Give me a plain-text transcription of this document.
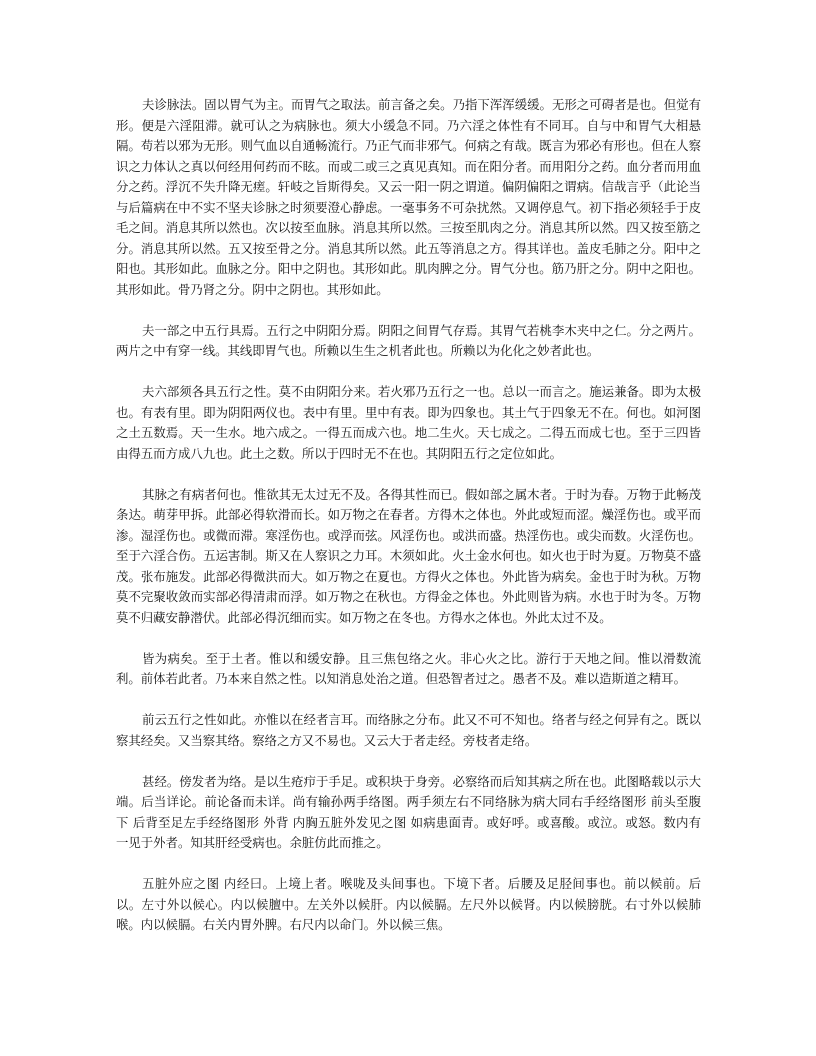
夫诊脉法。固以胃气为主。而胃气之取法。前言备之矣。乃指下浑浑缓缓。无形之可碍者是也。但觉有形。便是六淫阻滞。就可认之为病脉也。须大小缓急不同。乃六淫之体性有不同耳。自与中和胃气大相悬隔。苟若以邪为无形。则气血以自通畅流行。乃正气而非邪气。何病之有哉。既言为邪必有形也。但在人察识之力体认之真以何经用何药而不眩。而或二或三之真见真知。而在阳分者。而用阳分之药。血分者而用血分之药。浮沉不失升降无瘥。轩岐之旨斯得矣。又云一阳一阴之谓道。偏阴偏阳之谓病。信哉言乎（此论当与后篇病在中不实不坚夫诊脉之时须要澄心静虑。一毫事务不可杂扰然。又调停息气。初下指必须轻手于皮毛之间。消息其所以然也。次以按至血脉。消息其所以然。三按至肌肉之分。消息其所以然。四又按至筋之分。消息其所以然。五又按至骨之分。消息其所以然。此五等消息之方。得其详也。盖皮毛肺之分。阳中之阳也。其形如此。血脉之分。阳中之阴也。其形如此。肌肉脾之分。胃气分也。筋乃肝之分。阴中之阳也。其形如此。骨乃肾之分。阴中之阴也。其形如此。

夫一部之中五行具焉。五行之中阴阳分焉。阴阳之间胃气存焉。其胃气若桃李木夹中之仁。分之两片。两片之中有穿一线。其线即胃气也。所赖以生生之机者此也。所赖以为化化之妙者此也。

夫六部须各具五行之性。莫不由阴阳分来。若火邪乃五行之一也。总以一而言之。施运兼备。即为太极也。有表有里。即为阴阳两仪也。表中有里。里中有表。即为四象也。其土气于四象无不在。何也。如河图之土五数焉。天一生水。地六成之。一得五而成六也。地二生火。天七成之。二得五而成七也。至于三四皆由得五而方成八九也。此土之数。所以于四时无不在也。其阴阳五行之定位如此。

其脉之有病者何也。惟欲其无太过无不及。各得其性而已。假如部之属木者。于时为春。万物于此畅茂条达。萌芽甲拆。此部必得软滑而长。如万物之在春者。方得木之体也。外此或短而涩。燥淫伤也。或平而渗。湿淫伤也。或微而滞。寒淫伤也。或浮而弦。风淫伤也。或洪而盛。热淫伤也。或尖而数。火淫伤也。至于六淫合伤。五运害制。斯又在人察识之力耳。木须如此。火土金水何也。如火也于时为夏。万物莫不盛茂。张布施发。此部必得微洪而大。如万物之在夏也。方得火之体也。外此皆为病矣。金也于时为秋。万物莫不完聚收敛而实部必得清肃而浮。如万物之在秋也。方得金之体也。外此则皆为病。水也于时为冬。万物莫不归藏安静潜伏。此部必得沉细而实。如万物之在冬也。方得水之体也。外此太过不及。

皆为病矣。至于土者。惟以和缓安静。且三焦包络之火。非心火之比。游行于天地之间。惟以滑数流利。前体若此者。乃本来自然之性。以知消息处治之道。但恐智者过之。愚者不及。难以造斯道之精耳。

前云五行之性如此。亦惟以在经者言耳。而络脉之分布。此又不可不知也。络者与经之何异有之。既以察其经矣。又当察其络。察络之方又不易也。又云大于者走经。旁枝者走络。

甚经。傍发者为络。是以生疮疖于手足。或积块于身旁。必察络而后知其病之所在也。此图略载以示大端。后当详论。前论备而未详。尚有输孙两手络图。两手须左右不同络脉为病大同右手经络图形 前头至腹下 后背至足左手经络图形 外背 内胸五脏外发见之图 如病患面青。或好呼。或喜酸。或泣。或怒。数内有一见于外者。知其肝经受病也。余脏仿此而推之。

五脏外应之图 内经曰。上境上者。喉咙及头间事也。下境下者。后腰及足胫间事也。前以候前。后以。左寸外以候心。内以候膻中。左关外以候肝。内以候膈。左尺外以候肾。内以候膀胱。右寸外以候肺喉。内以候膈。右关内胃外脾。右尺内以命门。外以候三焦。
